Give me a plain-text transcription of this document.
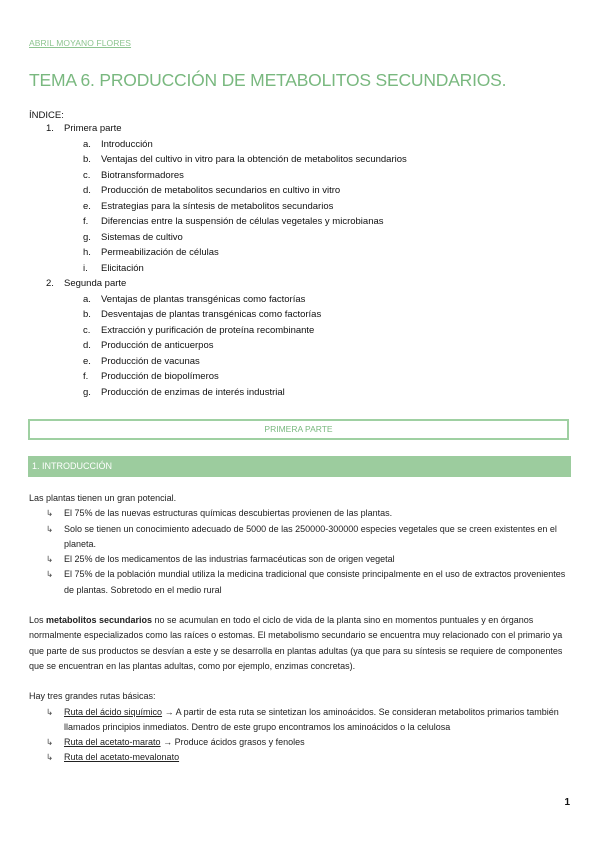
ABRIL MOYANO FLORES
TEMA 6. PRODUCCIÓN DE METABOLITOS SECUNDARIOS.
ÍNDICE:
1. Primera parte
a. Introducción
b. Ventajas del cultivo in vitro para la obtención de metabolitos secundarios
c. Biotransformadores
d. Producción de metabolitos secundarios en cultivo in vitro
e. Estrategias para la síntesis de metabolitos secundarios
f. Diferencias entre la suspensión de células vegetales y microbianas
g. Sistemas de cultivo
h. Permeabilización de células
i. Elicitación
2. Segunda parte
a. Ventajas de plantas transgénicas como factorías
b. Desventajas de plantas transgénicas como factorías
c. Extracción y purificación de proteína recombinante
d. Producción de anticuerpos
e. Producción de vacunas
f. Producción de biopolímeros
g. Producción de enzimas de interés industrial
PRIMERA PARTE
1. INTRODUCCIÓN
Las plantas tienen un gran potencial.
↳ El 75% de las nuevas estructuras químicas descubiertas provienen de las plantas.
↳ Solo se tienen un conocimiento adecuado de 5000 de las 250000-300000 especies vegetales que se creen existentes en el planeta.
↳ El 25% de los medicamentos de las industrias farmacéuticas son de origen vegetal
↳ El 75% de la población mundial utiliza la medicina tradicional que consiste principalmente en el uso de extractos provenientes de plantas. Sobretodo en el medio rural
Los metabolitos secundarios no se acumulan en todo el ciclo de vida de la planta sino en momentos puntuales y en órganos normalmente especializados como las raíces o estomas. El metabolismo secundario se encuentra muy relacionado con el primario ya que parte de sus productos se desvían a este y se desarrolla en plantas adultas (ya que para su síntesis se requiere de componentes que se encuentran en las plantas adultas, como por ejemplo, enzimas concretas).
Hay tres grandes rutas básicas:
↳ Ruta del ácido siquímico → A partir de esta ruta se sintetizan los aminoácidos. Se consideran metabolitos primarios también llamados principios inmediatos. Dentro de este grupo encontramos los aminoácidos o la celulosa
↳ Ruta del acetato-marato → Produce ácidos grasos y fenoles
↳ Ruta del acetato-mevalonato
1
